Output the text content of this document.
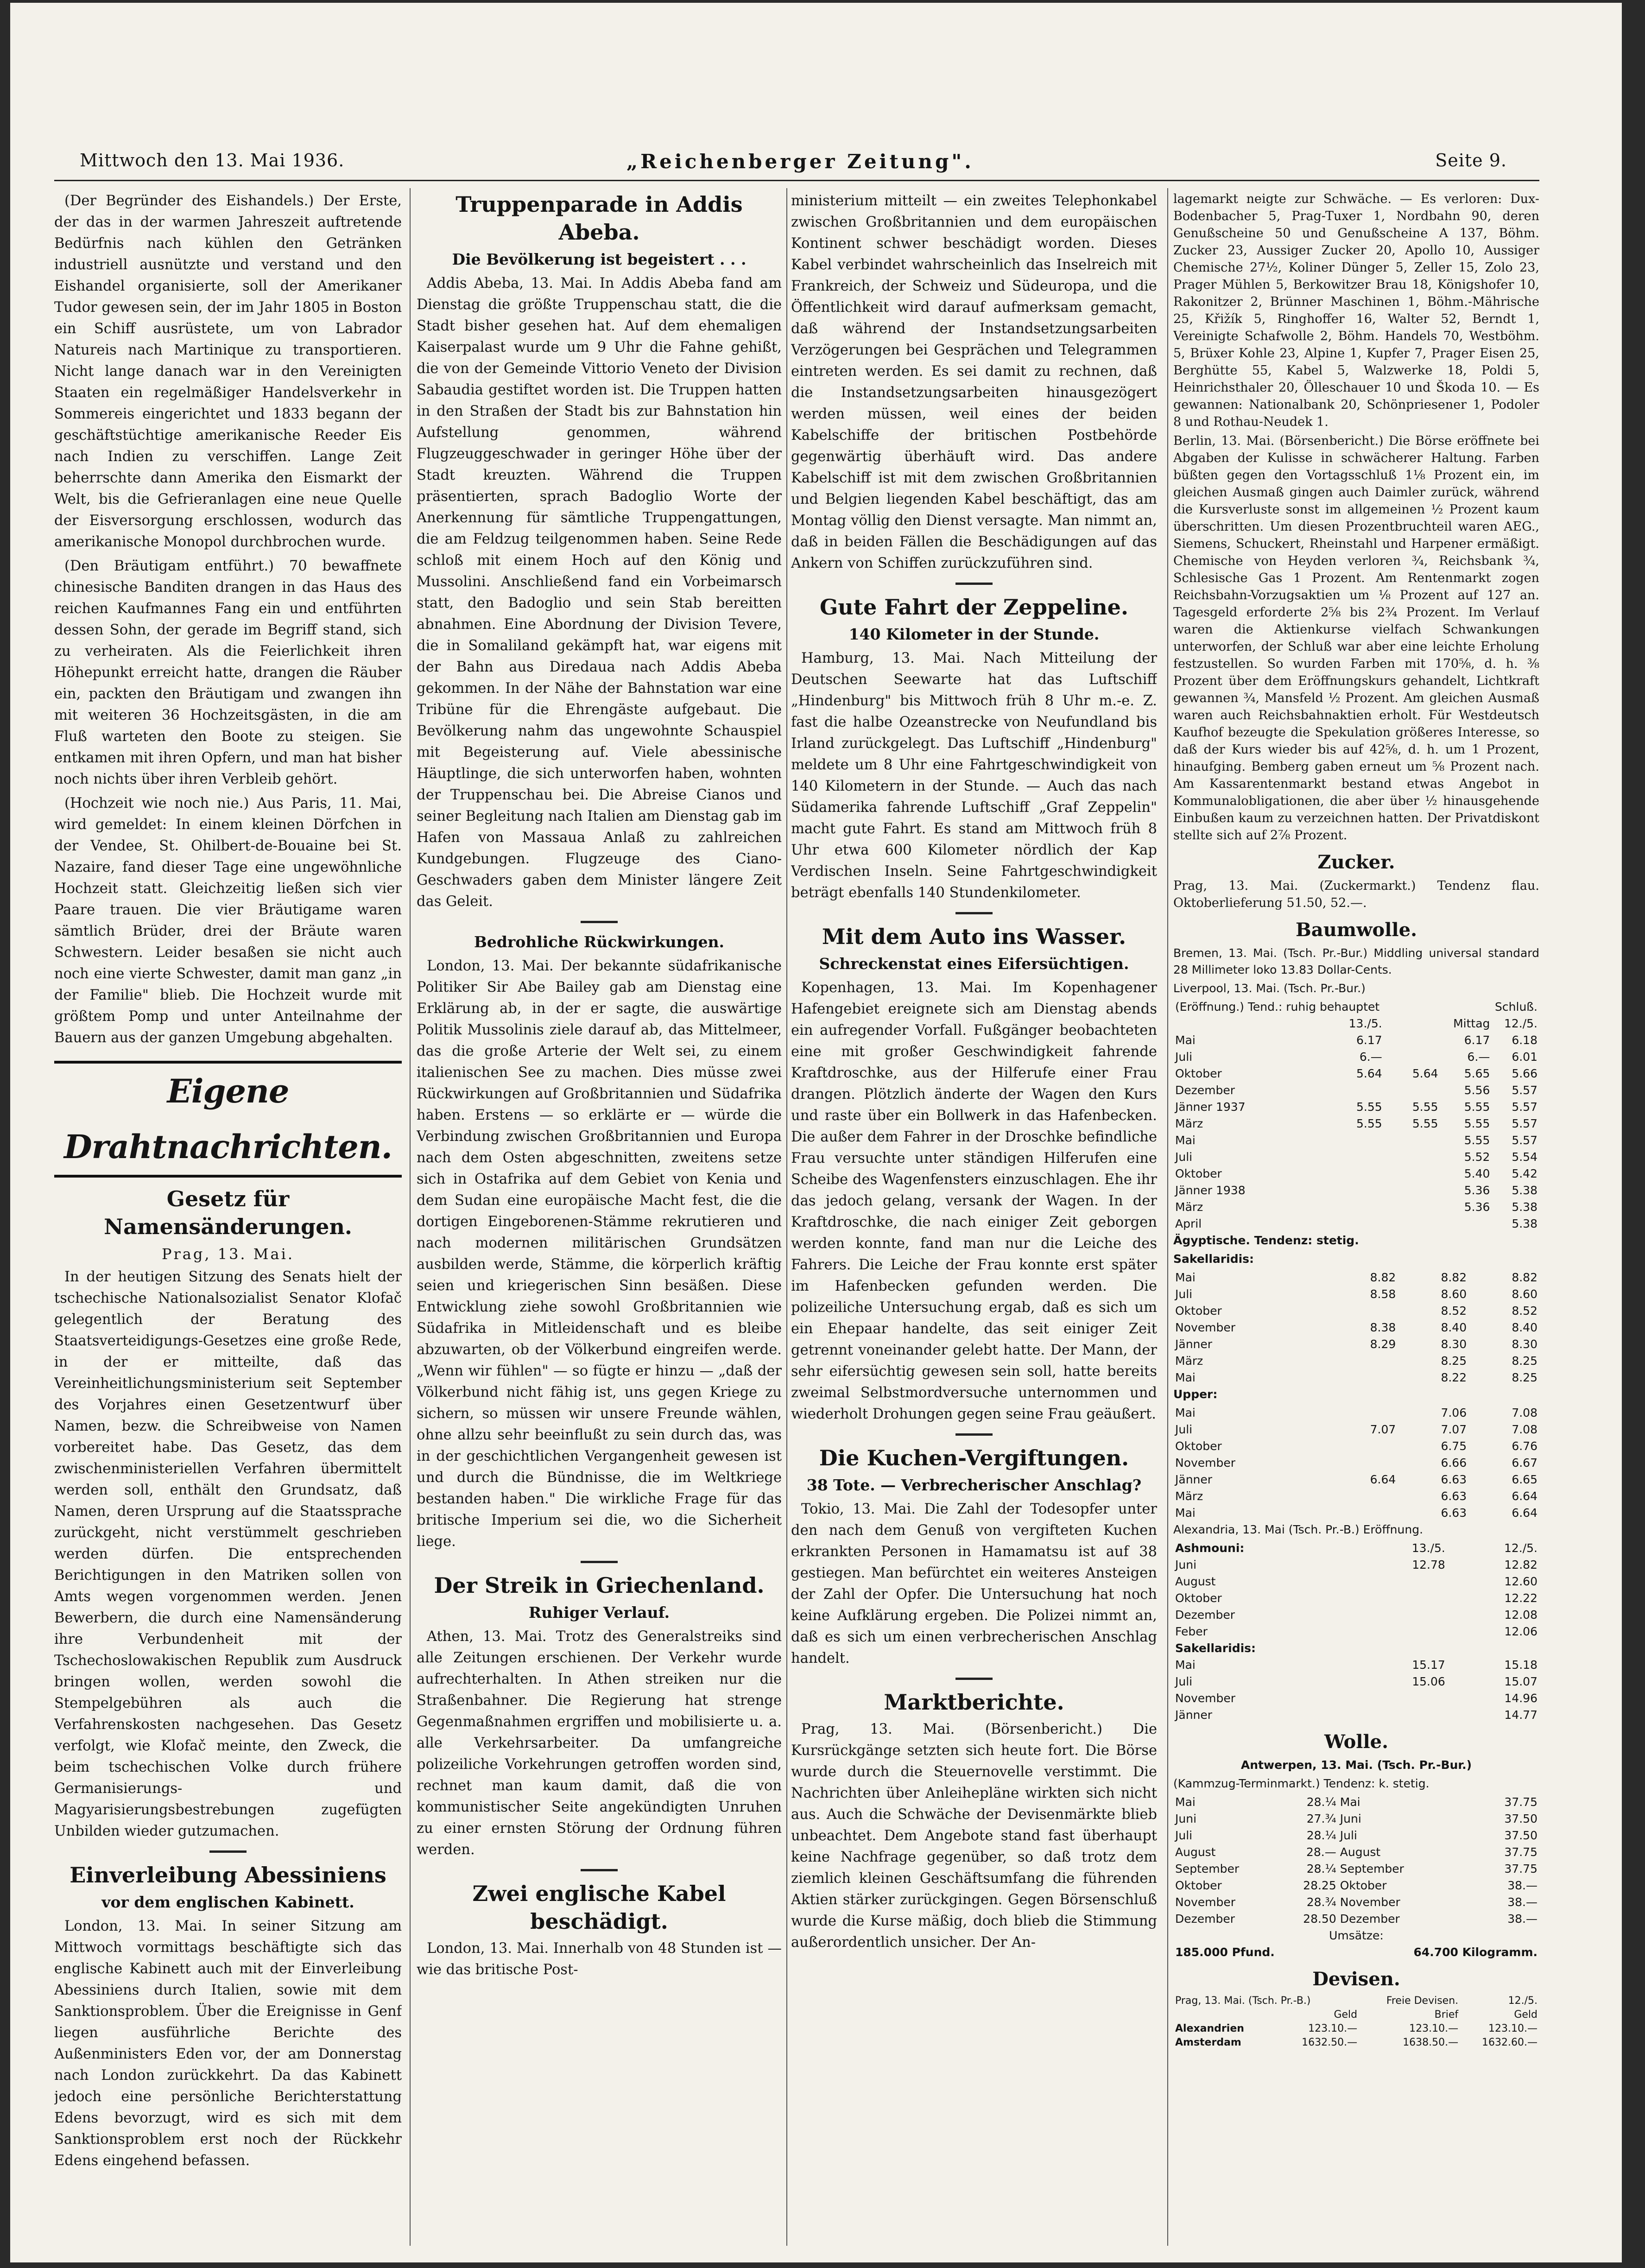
Mittwoch den 13. Mai 1936.	„Reichenberger Zeitung".	Seite 9.

(Der Begründer des Eishandels.) Der Erste, der das in der warmen Jahreszeit auftretende Bedürfnis nach kühlen den Getränken industriell ausnützte und verstand und den Eishandel organisierte, soll der Amerikaner Tudor gewesen sein, der im Jahr 1805 in Boston ein Schiff ausrüstete, um von Labrador Natureis nach Martinique zu transportieren. Nicht lange danach war in den Vereinigten Staaten ein regelmäßiger Handelsverkehr in Sommereis eingerichtet und 1833 begann der geschäftstüchtige amerikanische Reeder Eis nach Indien zu verschiffen. Lange Zeit beherrschte dann Amerika den Eismarkt der Welt, bis die Gefrieranlagen eine neue Quelle der Eisversorgung erschlossen, wodurch das amerikanische Monopol durchbrochen wurde.

(Den Bräutigam entführt.) 70 bewaffnete chinesische Banditen drangen in das Haus des reichen Kaufmannes Fang ein und entführten dessen Sohn, der gerade im Begriff stand, sich zu verheiraten. Als die Feierlichkeit ihren Höhepunkt erreicht hatte, drangen die Räuber ein, packten den Bräutigam und zwangen ihn mit weiteren 36 Hochzeitsgästen, in die am Fluß warteten den Boote zu steigen. Sie entkamen mit ihren Opfern, und man hat bisher noch nichts über ihren Verbleib gehört.

(Hochzeit wie noch nie.) Aus Paris, 11. Mai, wird gemeldet: In einem kleinen Dörfchen in der Vendee, St. Ohilbert-de-Bouaine bei St. Nazaire, fand dieser Tage eine ungewöhnliche Hochzeit statt. Gleichzeitig ließen sich vier Paare trauen. Die vier Bräutigame waren sämtlich Brüder, drei der Bräute waren Schwestern. Leider besaßen sie nicht auch noch eine vierte Schwester, damit man ganz „in der Familie" blieb. Die Hochzeit wurde mit größtem Pomp und unter Anteilnahme der Bauern aus der ganzen Umgebung abgehalten.

Eigene Drahtnachrichten.
Gesetz für Namensänderungen.
Prag, 13. Mai.

In der heutigen Sitzung des Senats hielt der tschechische Nationalsozialist Senator Klofač gelegentlich der Beratung des Staatsverteidigungs-Gesetzes eine große Rede, in der er mitteilte, daß das Vereinheitlichungsministerium seit September des Vorjahres einen Gesetzentwurf über Namen, bezw. die Schreibweise von Namen vorbereitet habe. Das Gesetz, das dem zwischenministeriellen Verfahren übermittelt werden soll, enthält den Grundsatz, daß Namen, deren Ursprung auf die Staatssprache zurückgeht, nicht verstümmelt geschrieben werden dürfen. Die entsprechenden Berichtigungen in den Matriken sollen von Amts wegen vorgenommen werden. Jenen Bewerbern, die durch eine Namensänderung ihre Verbundenheit mit der Tschechoslowakischen Republik zum Ausdruck bringen wollen, werden sowohl die Stempelgebühren als auch die Verfahrenskosten nachgesehen. Das Gesetz verfolgt, wie Klofač meinte, den Zweck, die beim tschechischen Volke durch frühere Germanisierungs- und Magyarisierungsbestrebungen zugefügten Unbilden wieder gutzumachen.

Einverleibung Abessiniens
vor dem englischen Kabinett.

London, 13. Mai. In seiner Sitzung am Mittwoch vormittags beschäftigte sich das englische Kabinett auch mit der Einverleibung Abessiniens durch Italien, sowie mit dem Sanktionsproblem. Über die Ereignisse in Genf liegen ausführliche Berichte des Außenministers Eden vor, der am Donnerstag nach London zurückkehrt. Da das Kabinett jedoch eine persönliche Berichterstattung Edens bevorzugt, wird es sich mit dem Sanktionsproblem erst noch der Rückkehr Edens eingehend befassen.

Truppenparade in Addis Abeba.
Die Bevölkerung ist begeistert . . .

Addis Abeba, 13. Mai. In Addis Abeba fand am Dienstag die größte Truppenschau statt, die die Stadt bisher gesehen hat. Auf dem ehemaligen Kaiserpalast wurde um 9 Uhr die Fahne gehißt, die von der Gemeinde Vittorio Veneto der Division Sabaudia gestiftet worden ist. Die Truppen hatten in den Straßen der Stadt bis zur Bahnstation hin Aufstellung genommen, während Flugzeuggeschwader in geringer Höhe über der Stadt kreuzten. Während die Truppen präsentierten, sprach Badoglio Worte der Anerkennung für sämtliche Truppengattungen, die am Feldzug teilgenommen haben. Seine Rede schloß mit einem Hoch auf den König und Mussolini. Anschließend fand ein Vorbeimarsch statt, den Badoglio und sein Stab bereitten abnahmen. Eine Abordnung der Division Tevere, die in Somaliland gekämpft hat, war eigens mit der Bahn aus Diredaua nach Addis Abeba gekommen. In der Nähe der Bahnstation war eine Tribüne für die Ehrengäste aufgebaut. Die Bevölkerung nahm das ungewohnte Schauspiel mit Begeisterung auf. Viele abessinische Häuptlinge, die sich unterworfen haben, wohnten der Truppenschau bei. Die Abreise Cianos und seiner Begleitung nach Italien am Dienstag gab im Hafen von Massaua Anlaß zu zahlreichen Kundgebungen. Flugzeuge des Ciano-Geschwaders gaben dem Minister längere Zeit das Geleit.

Bedrohliche Rückwirkungen.

London, 13. Mai. Der bekannte südafrikanische Politiker Sir Abe Bailey gab am Dienstag eine Erklärung ab, in der er sagte, die auswärtige Politik Mussolinis ziele darauf ab, das Mittelmeer, das die große Arterie der Welt sei, zu einem italienischen See zu machen. Dies müsse zwei Rückwirkungen auf Großbritannien und Südafrika haben. Erstens — so erklärte er — würde die Verbindung zwischen Großbritannien und Europa nach dem Osten abgeschnitten, zweitens setze sich in Ostafrika auf dem Gebiet von Kenia und dem Sudan eine europäische Macht fest, die die dortigen Eingeborenen-Stämme rekrutieren und nach modernen militärischen Grundsätzen ausbilden werde, Stämme, die körperlich kräftig seien und kriegerischen Sinn besäßen. Diese Entwicklung ziehe sowohl Großbritannien wie Südafrika in Mitleidenschaft und es bleibe abzuwarten, ob der Völkerbund eingreifen werde. „Wenn wir fühlen" — so fügte er hinzu — „daß der Völkerbund nicht fähig ist, uns gegen Kriege zu sichern, so müssen wir unsere Freunde wählen, ohne allzu sehr beeinflußt zu sein durch das, was in der geschichtlichen Vergangenheit gewesen ist und durch die Bündnisse, die im Weltkriege bestanden haben." Die wirkliche Frage für das britische Imperium sei die, wo die Sicherheit liege.

Der Streik in Griechenland.
Ruhiger Verlauf.

Athen, 13. Mai. Trotz des Generalstreiks sind alle Zeitungen erschienen. Der Verkehr wurde aufrechterhalten. In Athen streiken nur die Straßenbahner. Die Regierung hat strenge Gegenmaßnahmen ergriffen und mobilisierte u. a. alle Verkehrsarbeiter. Da umfangreiche polizeiliche Vorkehrungen getroffen worden sind, rechnet man kaum damit, daß die von kommunistischer Seite angekündigten Unruhen zu einer ernsten Störung der Ordnung führen werden.

Zwei englische Kabel beschädigt.

London, 13. Mai. Innerhalb von 48 Stunden ist — wie das britische Post-

ministerium mitteilt — ein zweites Telephonkabel zwischen Großbritannien und dem europäischen Kontinent schwer beschädigt worden. Dieses Kabel verbindet wahrscheinlich das Inselreich mit Frankreich, der Schweiz und Südeuropa, und die Öffentlichkeit wird darauf aufmerksam gemacht, daß während der Instandsetzungsarbeiten Verzögerungen bei Gesprächen und Telegrammen eintreten werden. Es sei damit zu rechnen, daß die Instandsetzungsarbeiten hinausgezögert werden müssen, weil eines der beiden Kabelschiffe der britischen Postbehörde gegenwärtig überhäuft wird. Das andere Kabelschiff ist mit dem zwischen Großbritannien und Belgien liegenden Kabel beschäftigt, das am Montag völlig den Dienst versagte. Man nimmt an, daß in beiden Fällen die Beschädigungen auf das Ankern von Schiffen zurückzuführen sind.

Gute Fahrt der Zeppeline.
140 Kilometer in der Stunde.

Hamburg, 13. Mai. Nach Mitteilung der Deutschen Seewarte hat das Luftschiff „Hindenburg" bis Mittwoch früh 8 Uhr m.-e. Z. fast die halbe Ozeanstrecke von Neufundland bis Irland zurückgelegt. Das Luftschiff „Hindenburg" meldete um 8 Uhr eine Fahrtgeschwindigkeit von 140 Kilometern in der Stunde. — Auch das nach Südamerika fahrende Luftschiff „Graf Zeppelin" macht gute Fahrt. Es stand am Mittwoch früh 8 Uhr etwa 600 Kilometer nördlich der Kap Verdischen Inseln. Seine Fahrtgeschwindigkeit beträgt ebenfalls 140 Stundenkilometer.

Mit dem Auto ins Wasser.
Schreckenstat eines Eifersüchtigen.

Kopenhagen, 13. Mai. Im Kopenhagener Hafengebiet ereignete sich am Dienstag abends ein aufregender Vorfall. Fußgänger beobachteten eine mit großer Geschwindigkeit fahrende Kraftdroschke, aus der Hilferufe einer Frau drangen. Plötzlich änderte der Wagen den Kurs und raste über ein Bollwerk in das Hafenbecken. Die außer dem Fahrer in der Droschke befindliche Frau versuchte unter ständigen Hilferufen eine Scheibe des Wagenfensters einzuschlagen. Ehe ihr das jedoch gelang, versank der Wagen. In der Kraftdroschke, die nach einiger Zeit geborgen werden konnte, fand man nur die Leiche des Fahrers. Die Leiche der Frau konnte erst später im Hafenbecken gefunden werden. Die polizeiliche Untersuchung ergab, daß es sich um ein Ehepaar handelte, das seit einiger Zeit getrennt voneinander gelebt hatte. Der Mann, der sehr eifersüchtig gewesen sein soll, hatte bereits zweimal Selbstmordversuche unternommen und wiederholt Drohungen gegen seine Frau geäußert.

Die Kuchen-Vergiftungen.
38 Tote. — Verbrecherischer Anschlag?

Tokio, 13. Mai. Die Zahl der Todesopfer unter den nach dem Genuß von vergifteten Kuchen erkrankten Personen in Hamamatsu ist auf 38 gestiegen. Man befürchtet ein weiteres Ansteigen der Zahl der Opfer. Die Untersuchung hat noch keine Aufklärung ergeben. Die Polizei nimmt an, daß es sich um einen verbrecherischen Anschlag handelt.

Marktberichte.

Prag, 13. Mai. (Börsenbericht.) Die Kursrückgänge setzten sich heute fort. Die Börse wurde durch die Steuernovelle verstimmt. Die Nachrichten über Anleihepläne wirkten sich nicht aus. Auch die Schwäche der Devisenmärkte blieb unbeachtet. Dem Angebote stand fast überhaupt keine Nachfrage gegenüber, so daß trotz dem ziemlich kleinen Geschäftsumfang die führenden Aktien stärker zurückgingen. Gegen Börsenschluß wurde die Kurse mäßig, doch blieb die Stimmung außerordentlich unsicher. Der An-

lagemarkt neigte zur Schwäche. — Es verloren: Dux-Bodenbacher 5, Prag-Tuxer 1, Nordbahn 90, deren Genußscheine 50 und Genußscheine A 137, Böhm. Zucker 23, Aussiger Zucker 20, Apollo 10, Aussiger Chemische 27½, Koliner Dünger 5, Zeller 15, Zolo 23, Prager Mühlen 5, Berkowitzer Brau 18, Königshofer 10, Rakonitzer 2, Brünner Maschinen 1, Böhm.-Mährische 25, Křižík 5, Ringhoffer 16, Walter 52, Berndt 1, Vereinigte Schafwolle 2, Böhm. Handels 70, Westböhm. 5, Brüxer Kohle 23, Alpine 1, Kupfer 7, Prager Eisen 25, Berghütte 55, Kabel 5, Walzwerke 18, Poldi 5, Heinrichsthaler 20, Ölleschauer 10 und Škoda 10. — Es gewannen: Nationalbank 20, Schönpriesener 1, Podoler 8 und Rothau-Neudek 1.

Berlin, 13. Mai. (Börsenbericht.) Die Börse eröffnete bei Abgaben der Kulisse in schwächerer Haltung. Farben büßten gegen den Vortagsschluß 1⅛ Prozent ein, im gleichen Ausmaß gingen auch Daimler zurück, während die Kursverluste sonst im allgemeinen ½ Prozent kaum überschritten. Um diesen Prozentbruchteil waren AEG., Siemens, Schuckert, Rheinstahl und Harpener ermäßigt. Chemische von Heyden verloren ¾, Reichsbank ¾, Schlesische Gas 1 Prozent. Am Rentenmarkt zogen Reichsbahn-Vorzugsaktien um ⅛ Prozent auf 127 an. Tagesgeld erforderte 2⅝ bis 2¾ Prozent. Im Verlauf waren die Aktienkurse vielfach Schwankungen unterworfen, der Schluß war aber eine leichte Erholung festzustellen. So wurden Farben mit 170⅝, d. h. ⅜ Prozent über dem Eröffnungskurs gehandelt, Lichtkraft gewannen ¾, Mansfeld ½ Prozent. Am gleichen Ausmaß waren auch Reichsbahnaktien erholt. Für Westdeutsch Kaufhof bezeugte die Spekulation größeres Interesse, so daß der Kurs wieder bis auf 42⅝, d. h. um 1 Prozent, hinaufging. Bemberg gaben erneut um ⅝ Prozent nach. Am Kassarentenmarkt bestand etwas Angebot in Kommunalobligationen, die aber über ½ hinausgehende Einbußen kaum zu verzeichnen hatten. Der Privatdiskont stellte sich auf 2⅞ Prozent.

Zucker.

Prag, 13. Mai. (Zuckermarkt.) Tendenz flau. Oktoberlieferung 51.50, 52.—.

Baumwolle.

Bremen, 13. Mai. (Tsch. Pr.-Bur.) Middling universal standard 28 Millimeter loko 13.83 Dollar-Cents.

Liverpool, 13. Mai. (Tsch. Pr.-Bur.)

(Eröffnung.) Tend.: ruhig behauptet			Schluß.	
	13./5.		Mittag	12./5.
Mai	6.17		6.17	6.18
Juli	6.—		6.—	6.01
Oktober	5.64	5.64	5.65	5.66
Dezember			5.56	5.57
Jänner 1937	5.55	5.55	5.55	5.57
März	5.55	5.55	5.55	5.57
Mai			5.55	5.57
Juli			5.52	5.54
Oktober			5.40	5.42
Jänner 1938			5.36	5.38
März			5.36	5.38
April				5.38

Ägyptische. Tendenz: stetig.

Sakellaridis:

Mai	8.82	8.82	8.82
Juli	8.58	8.60	8.60
Oktober		8.52	8.52
November	8.38	8.40	8.40
Jänner	8.29	8.30	8.30
März		8.25	8.25
Mai		8.22	8.25

Upper:

Mai		7.06	7.08
Juli	7.07	7.07	7.08
Oktober		6.75	6.76
November		6.66	6.67
Jänner	6.64	6.63	6.65
März		6.63	6.64
Mai		6.63	6.64

Alexandria, 13. Mai (Tsch. Pr.-B.) Eröffnung.

Ashmouni:	13./5.	12./5.
Juni	12.78	12.82
August		12.60
Oktober		12.22
Dezember		12.08
Feber		12.06
Sakellaridis:		
Mai	15.17	15.18
Juli	15.06	15.07
November		14.96
Jänner		14.77
Wolle.

Antwerpen, 13. Mai. (Tsch. Pr.-Bur.)

(Kammzug-Terminmarkt.) Tendenz: k. stetig.

Mai	28.¼	Mai	37.75
Juni	27.¾	Juni	37.50
Juli	28.¼	Juli	37.50
August	28.—	August	37.75
September	28.¼	September	37.75
Oktober	28.25	Oktober	38.—
November	28.¾	November	38.—
Dezember	28.50	Dezember	38.—
Umsätze:			
185.000 Pfund.		64.700 Kilogramm.	
Devisen.
Prag, 13. Mai. (Tsch. Pr.-B.)		Freie Devisen.	12./5.
	Geld	Brief	Geld
Alexandrien	123.10.—	123.10.—	123.10.—
Amsterdam	1632.50.—	1638.50.—	1632.60.—
